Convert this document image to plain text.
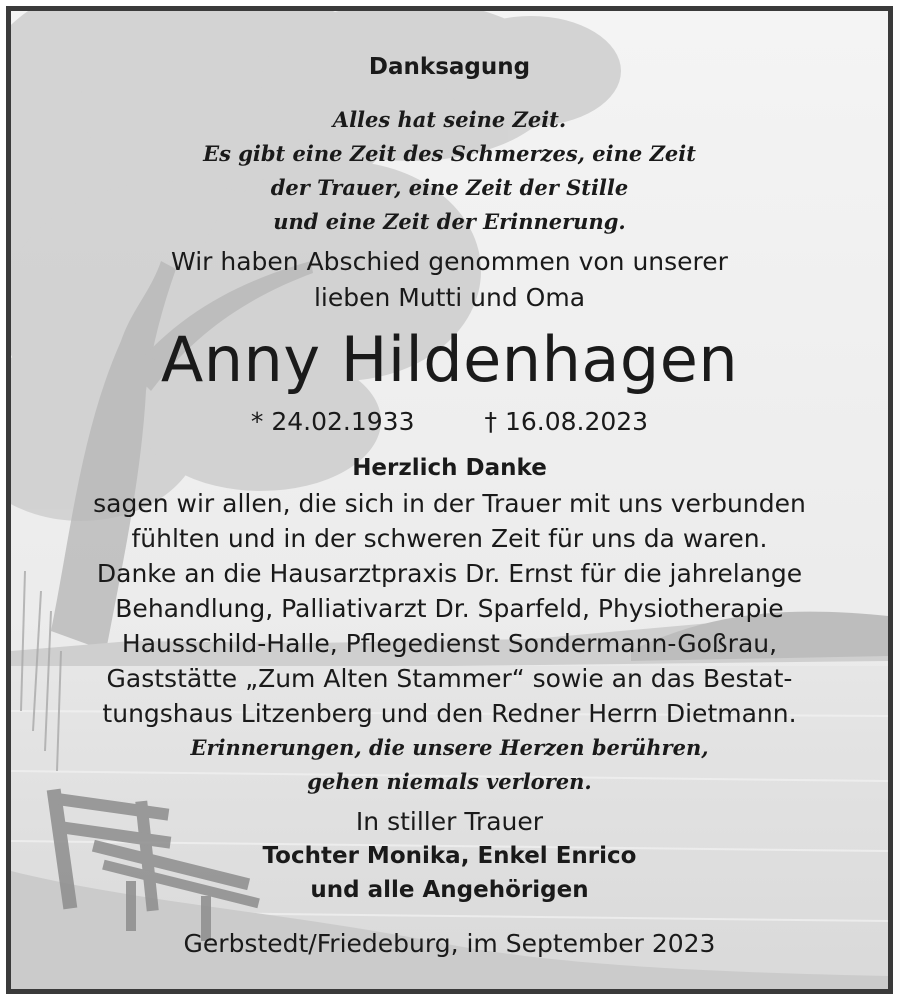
Danksagung
Alles hat seine Zeit.
Es gibt eine Zeit des Schmerzes, eine Zeit
der Trauer, eine Zeit der Stille
und eine Zeit der Erinnerung.
Wir haben Abschied genommen von unserer
lieben Mutti und Oma
Anny Hildenhagen
* 24.02.1933	† 16.08.2023
Herzlich Danke
sagen wir allen, die sich in der Trauer mit uns verbunden
fühlten und in der schweren Zeit für uns da waren.
Danke an die Hausarztpraxis Dr. Ernst für die jahrelange
Behandlung, Palliativarzt Dr. Sparfeld, Physiotherapie
Hausschild-Halle, Pflegedienst Sondermann-Goßrau,
Gaststätte „Zum Alten Stammer“ sowie an das Bestat-
tungshaus Litzenberg und den Redner Herrn Dietmann.
Erinnerungen, die unsere Herzen berühren,
gehen niemals verloren.
In stiller Trauer
Tochter Monika, Enkel Enrico
und alle Angehörigen
Gerbstedt/Friedeburg, im September 2023
